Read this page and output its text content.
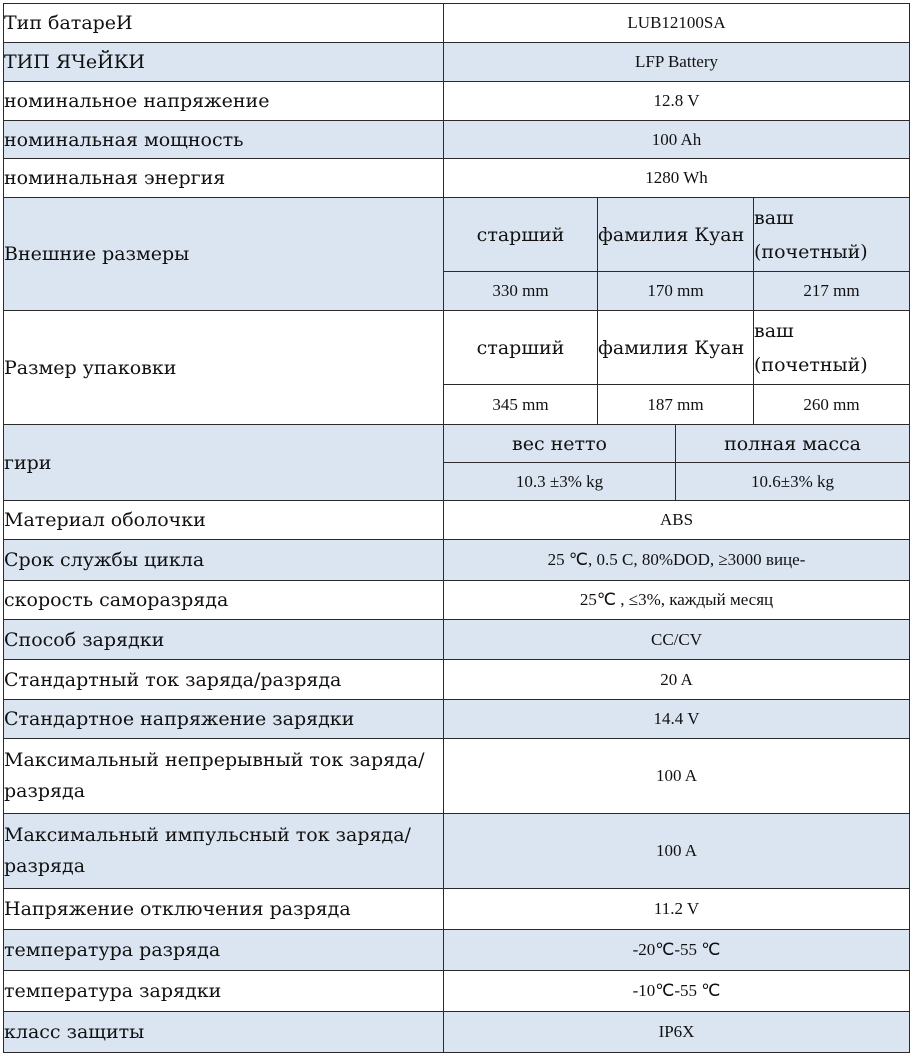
Тип батареИ	LUB12100SA			
ТИП ЯЧеЙКИ	LFP Battery			
номинальное напряжение	12.8 V			
номинальная мощность	100 Ah			
номинальная энергия	1280 Wh			
Внешние размеры	старший	фамилия Куан		ваш (почетный)
	330 mm	170 mm		217 mm
Размер упаковки	старший	фамилия Куан		ваш (почетный)
	345 mm	187 mm		260 mm
гири	вес нетто		полная масса	
	10.3 ±3% kg		10.6±3% kg	
Материал оболочки	ABS			
Срок службы цикла	25 ℃, 0.5 C, 80%DOD, ≥3000 вице-			
скорость саморазряда	25℃ , ≤3%, каждый месяц			
Способ зарядки	CC/CV			
Стандартный ток заряда/разряда	20 A			
Стандартное напряжение зарядки	14.4 V			
Максимальный непрерывный ток заряда/разряда	100 A			
Максимальный импульсный ток заряда/разряда	100 A			
Напряжение отключения разряда	11.2 V			
температура разряда	-20℃-55 ℃			
температура зарядки	-10℃-55 ℃			
класс защиты	IP6X			
